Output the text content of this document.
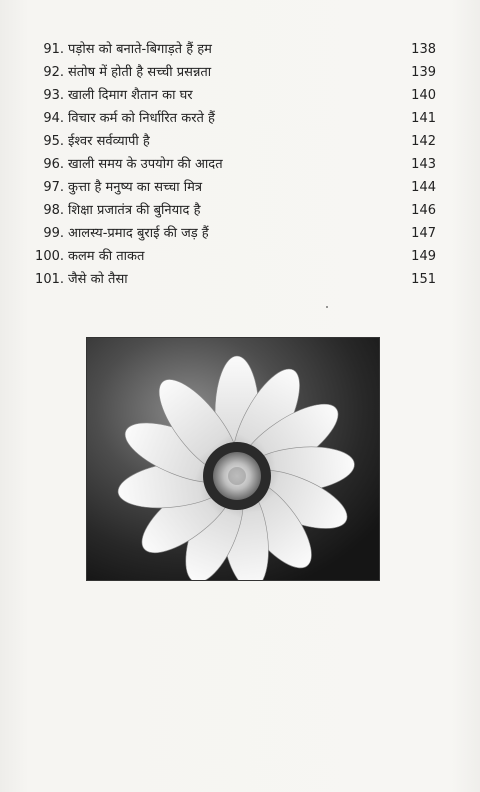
91. पड़ोस को बनाते-बिगाड़ते हैं हम	138
92. संतोष में होती है सच्ची प्रसन्नता	139
93. खाली दिमाग शैतान का घर	140
94. विचार कर्म को निर्धारित करते हैं	141
95. ईश्वर सर्वव्यापी है	142
96. खाली समय के उपयोग की आदत	143
97. कुत्ता है मनुष्य का सच्चा मित्र	144
98. शिक्षा प्रजातंत्र की बुनियाद है	146
99. आलस्य-प्रमाद बुराई की जड़ हैं	147
100. कलम की ताकत	149
101. जैसे को तैसा	151
